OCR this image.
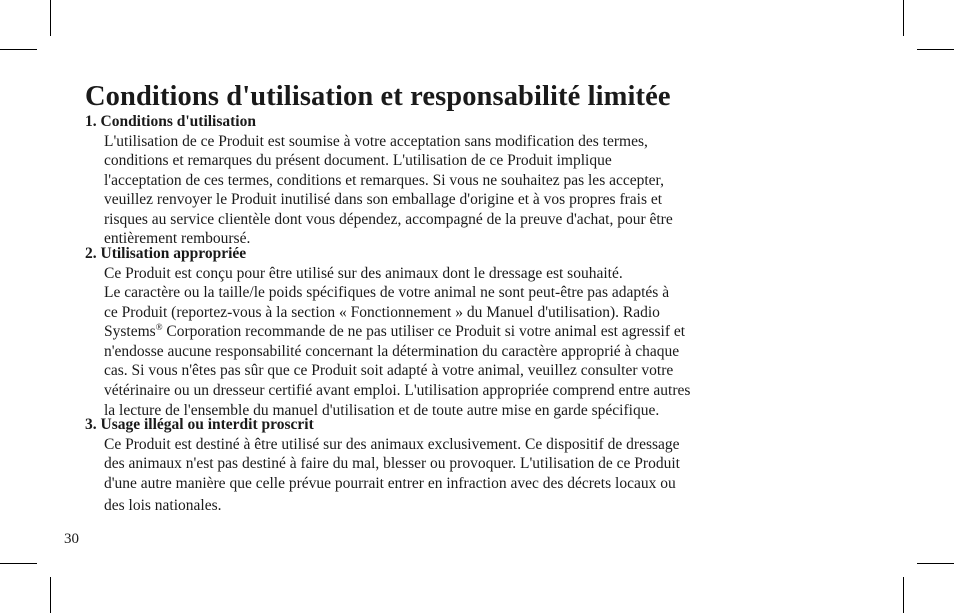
Conditions d'utilisation et responsabilité limitée
1. Conditions d'utilisation
L'utilisation de ce Produit est soumise à votre acceptation sans modification des termes,
conditions et remarques du présent document. L'utilisation de ce Produit implique
l'acceptation de ces termes, conditions et remarques. Si vous ne souhaitez pas les accepter,
veuillez renvoyer le Produit inutilisé dans son emballage d'origine et à vos propres frais et
risques au service clientèle dont vous dépendez, accompagné de la preuve d'achat, pour être
entièrement remboursé.
2. Utilisation appropriée
Ce Produit est conçu pour être utilisé sur des animaux dont le dressage est souhaité.
Le caractère ou la taille/le poids spécifiques de votre animal ne sont peut-être pas adaptés à
ce Produit (reportez-vous à la section « Fonctionnement » du Manuel d'utilisation). Radio
Systems® Corporation recommande de ne pas utiliser ce Produit si votre animal est agressif et
n'endosse aucune responsabilité concernant la détermination du caractère approprié à chaque
cas. Si vous n'êtes pas sûr que ce Produit soit adapté à votre animal, veuillez consulter votre
vétérinaire ou un dresseur certifié avant emploi. L'utilisation appropriée comprend entre autres
la lecture de l'ensemble du manuel d'utilisation et de toute autre mise en garde spécifique.
3. Usage illégal ou interdit proscrit
Ce Produit est destiné à être utilisé sur des animaux exclusivement. Ce dispositif de dressage
des animaux n'est pas destiné à faire du mal, blesser ou provoquer. L'utilisation de ce Produit
d'une autre manière que celle prévue pourrait entrer en infraction avec des décrets locaux ou
des lois nationales.
30
